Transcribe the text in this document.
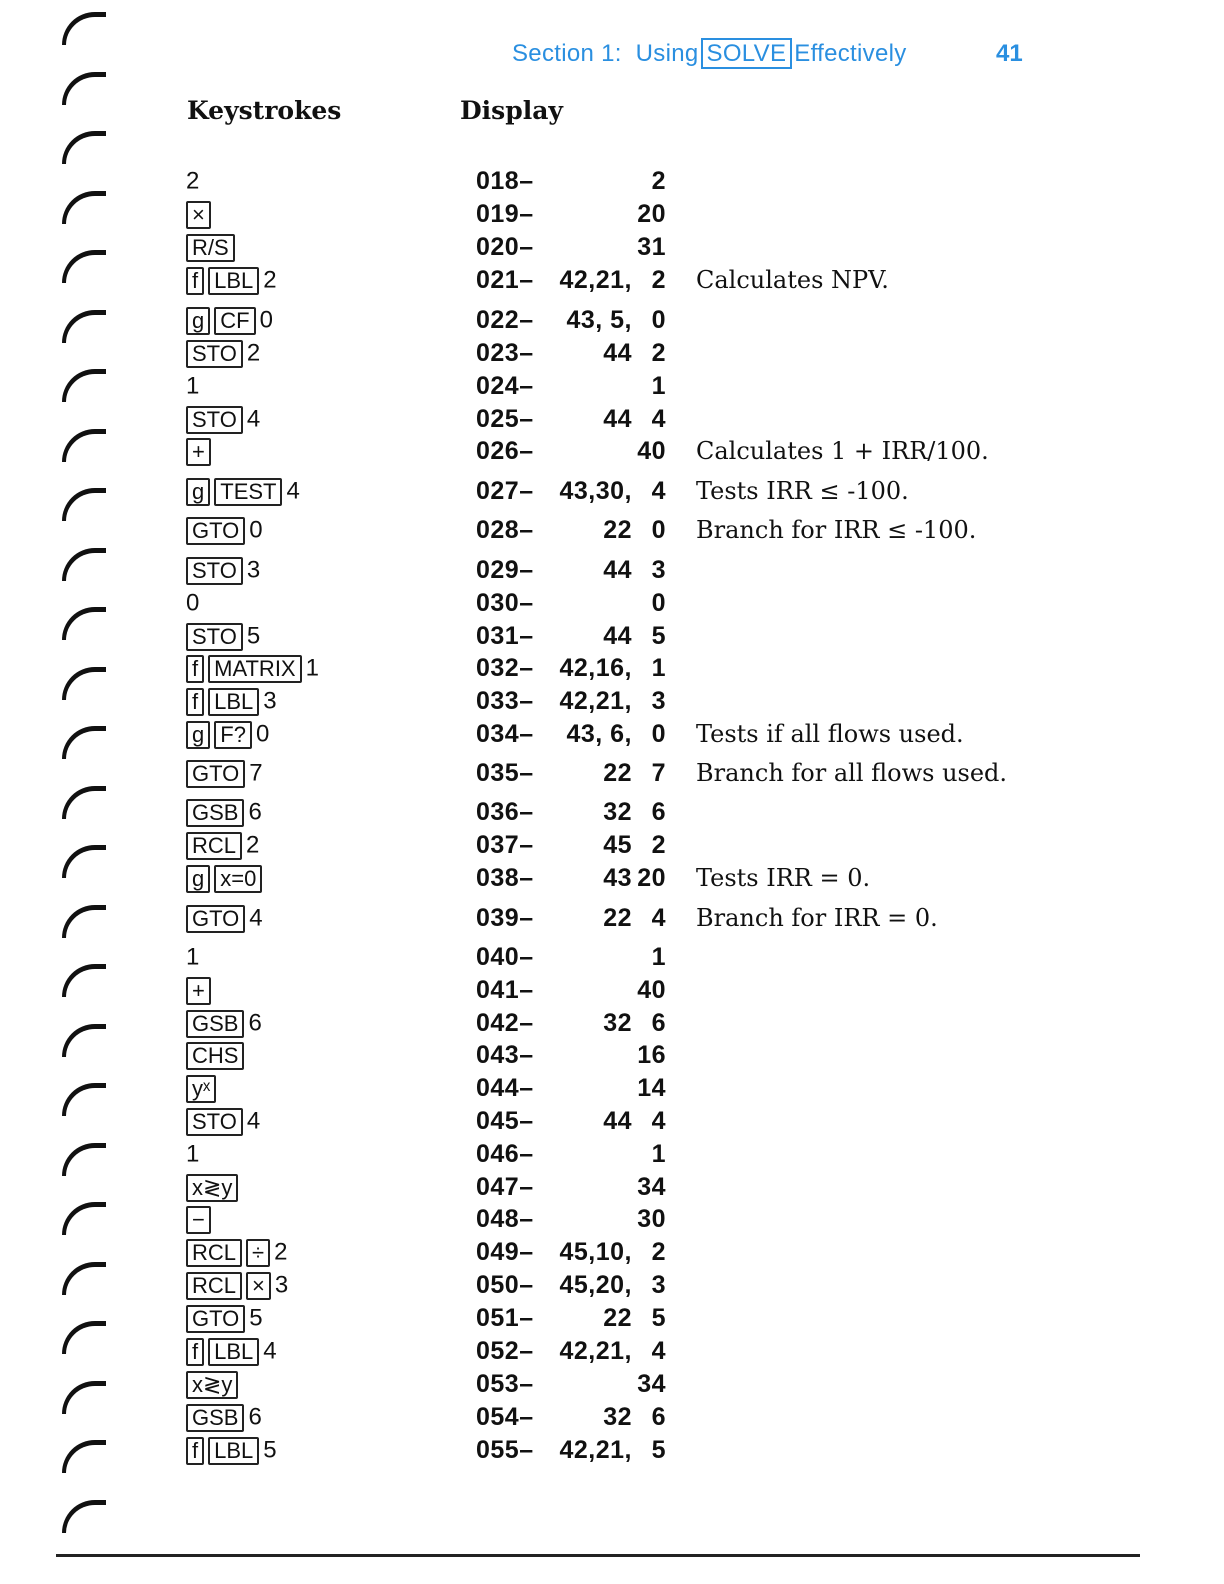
Section 1: Using SOLVE Effectively	41
Keystrokes	Display
2	018–	2
×	019–	20
R/S	020–	31
f LBL 2	021–	42,21, 2 Calculates NPV.
g CF 0	022–	43, 5, 0
STO 2	023–	44 2
1	024–	1
STO 4	025–	44 4
+	026–	40 Calculates 1 + IRR/100.
g TEST 4	027–	43,30, 4 Tests IRR ≤ -100.
GTO 0	028–	22 0 Branch for IRR ≤ -100.
STO 3	029–	44 3
0	030–	0
STO 5	031–	44 5
f MATRIX 1	032–	42,16, 1
f LBL 3	033–	42,21, 3
g F? 0	034–	43, 6, 0 Tests if all flows used.
GTO 7	035–	22 7 Branch for all flows used.
GSB 6	036–	32 6
RCL 2	037–	45 2
g x=0	038–	43 20 Tests IRR = 0.
GTO 4	039–	22 4 Branch for IRR = 0.
1	040–	1
+	041–	40
GSB 6	042–	32 6
CHS	043–	16
yˣ	044–	14
STO 4	045–	44 4
1	046–	1
x≷y	047–	34
−	048–	30
RCL ÷ 2	049–	45,10, 2
RCL × 3	050–	45,20, 3
GTO 5	051–	22 5
f LBL 4	052–	42,21, 4
x≷y	053–	34
GSB 6	054–	32 6
f LBL 5	055–	42,21, 5
